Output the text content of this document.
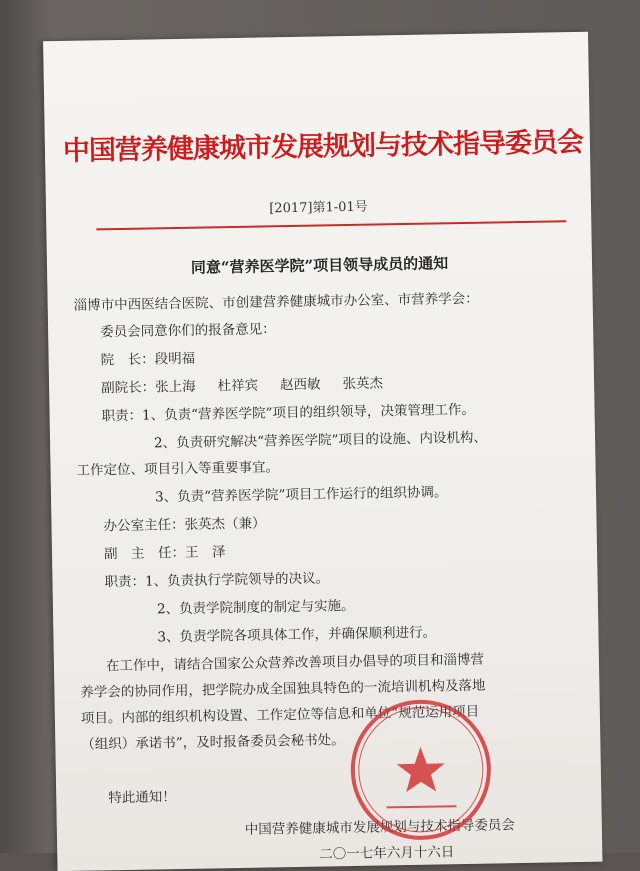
中国营养健康城市发展规划与技术指导委员会
[2017]第1-01号
同意“营养医学院”项目领导成员的通知
淄博市中西医结合医院、市创建营养健康城市办公室、市营养学会：
委员会同意你们的报备意见：
院　长：段明福
副院长：张上海 杜祥宾 赵西敏 张英杰
职责：1、负责“营养医学院”项目的组织领导，决策管理工作。
2、负责研究解决“营养医学院”项目的设施、内设机构、
工作定位、项目引入等重要事宜。
3、负责“营养医学院”项目工作运行的组织协调。
办公室主任：张英杰（兼）
副　主　任：王　泽
职责：1、负责执行学院领导的决议。
2、负责学院制度的制定与实施。
3、负责学院各项具体工作，并确保顺利进行。
在工作中，请结合国家公众营养改善项目办倡导的项目和淄博营
养学会的协同作用，把学院办成全国独具特色的一流培训机构及落地
项目。内部的组织机构设置、工作定位等信息和单位“规范运用项目
（组织）承诺书”，及时报备委员会秘书处。
特此通知！
中国营养健康城市发展规划与技术指导委员会
二〇一七年六月十六日
